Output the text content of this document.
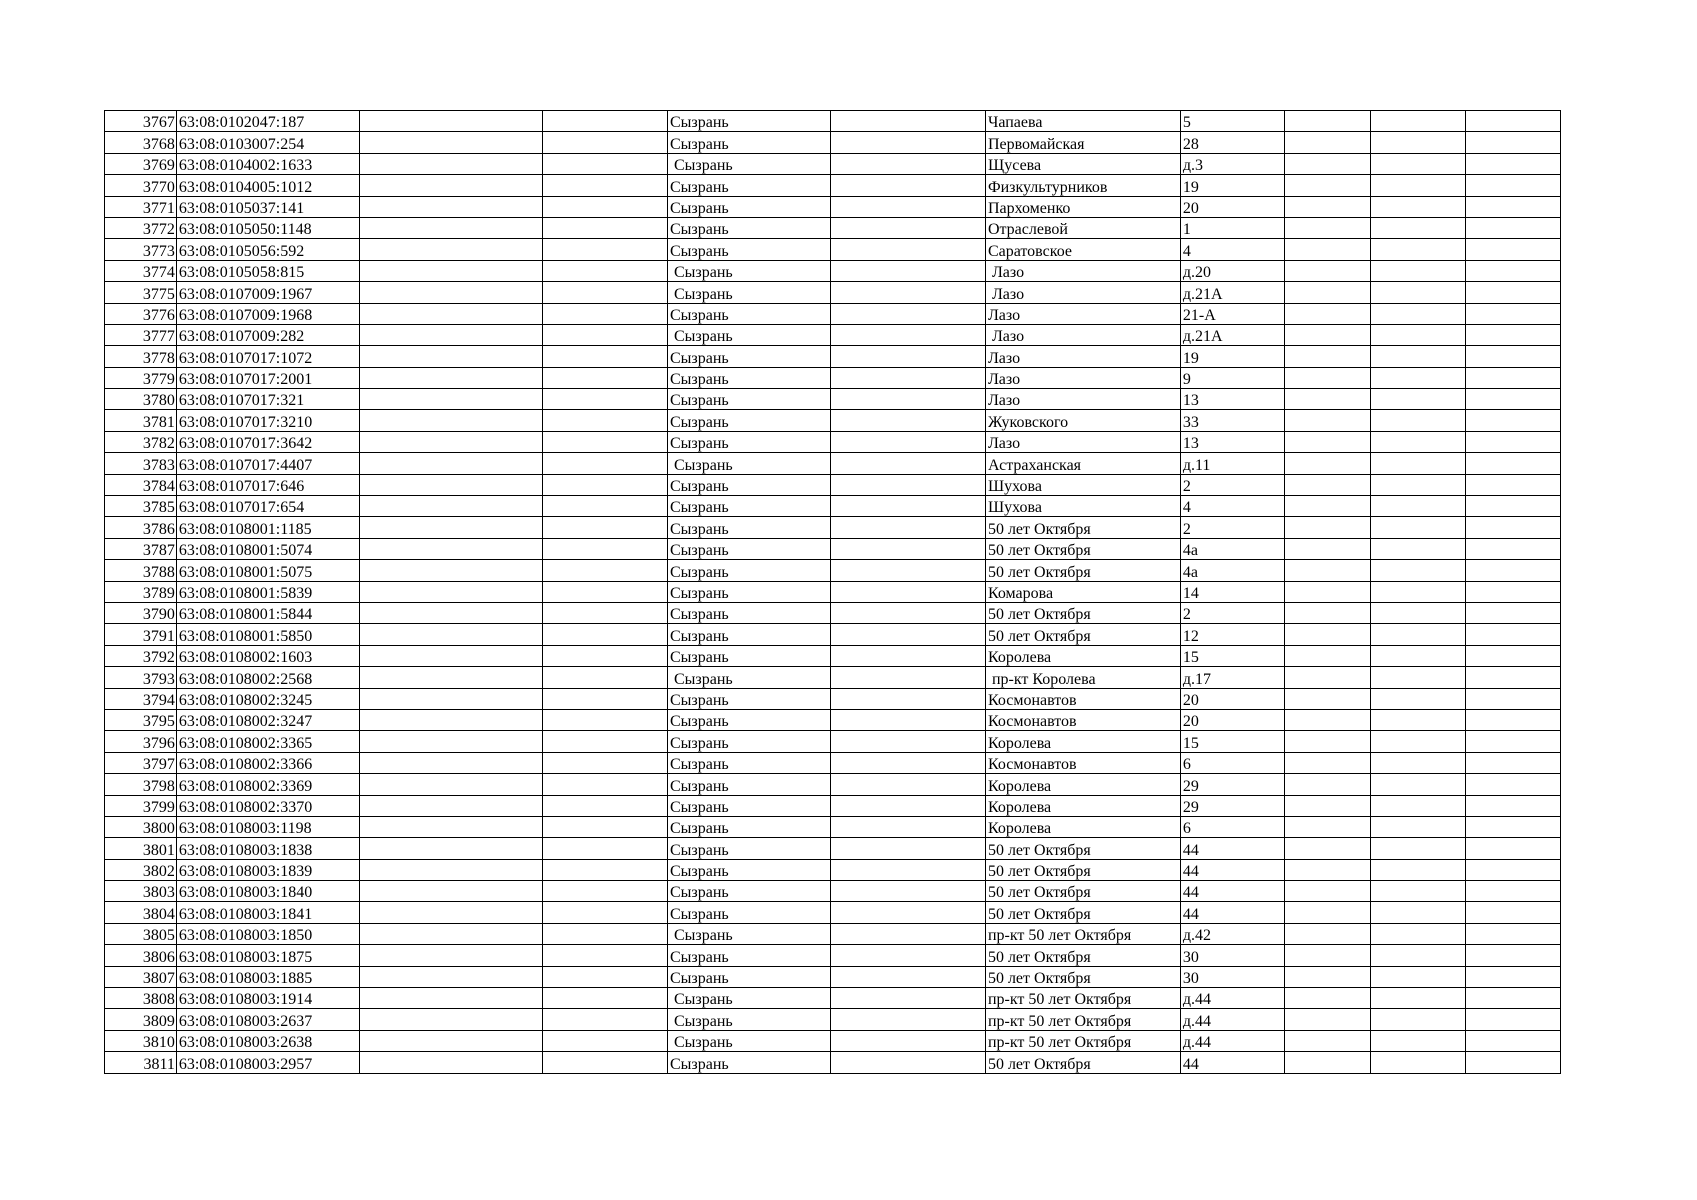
3767	63:08:0102047:187			Сызрань		Чапаева	5			
3768	63:08:0103007:254			Сызрань		Первомайская	28			
3769	63:08:0104002:1633			Сызрань		Щусева	д.3			
3770	63:08:0104005:1012			Сызрань		Физкультурников	19			
3771	63:08:0105037:141			Сызрань		Пархоменко	20			
3772	63:08:0105050:1148			Сызрань		Отраслевой	1			
3773	63:08:0105056:592			Сызрань		Саратовское	4			
3774	63:08:0105058:815			Сызрань		Лазо	д.20			
3775	63:08:0107009:1967			Сызрань		Лазо	д.21А			
3776	63:08:0107009:1968			Сызрань		Лазо	21-А			
3777	63:08:0107009:282			Сызрань		Лазо	д.21А			
3778	63:08:0107017:1072			Сызрань		Лазо	19			
3779	63:08:0107017:2001			Сызрань		Лазо	9			
3780	63:08:0107017:321			Сызрань		Лазо	13			
3781	63:08:0107017:3210			Сызрань		Жуковского	33			
3782	63:08:0107017:3642			Сызрань		Лазо	13			
3783	63:08:0107017:4407			Сызрань		Астраханская	д.11			
3784	63:08:0107017:646			Сызрань		Шухова	2			
3785	63:08:0107017:654			Сызрань		Шухова	4			
3786	63:08:0108001:1185			Сызрань		50 лет Октября	2			
3787	63:08:0108001:5074			Сызрань		50 лет Октября	4а			
3788	63:08:0108001:5075			Сызрань		50 лет Октября	4а			
3789	63:08:0108001:5839			Сызрань		Комарова	14			
3790	63:08:0108001:5844			Сызрань		50 лет Октября	2			
3791	63:08:0108001:5850			Сызрань		50 лет Октября	12			
3792	63:08:0108002:1603			Сызрань		Королева	15			
3793	63:08:0108002:2568			Сызрань		пр-кт Королева	д.17			
3794	63:08:0108002:3245			Сызрань		Космонавтов	20			
3795	63:08:0108002:3247			Сызрань		Космонавтов	20			
3796	63:08:0108002:3365			Сызрань		Королева	15			
3797	63:08:0108002:3366			Сызрань		Космонавтов	6			
3798	63:08:0108002:3369			Сызрань		Королева	29			
3799	63:08:0108002:3370			Сызрань		Королева	29			
3800	63:08:0108003:1198			Сызрань		Королева	6			
3801	63:08:0108003:1838			Сызрань		50 лет Октября	44			
3802	63:08:0108003:1839			Сызрань		50 лет Октября	44			
3803	63:08:0108003:1840			Сызрань		50 лет Октября	44			
3804	63:08:0108003:1841			Сызрань		50 лет Октября	44			
3805	63:08:0108003:1850			Сызрань		пр-кт 50 лет Октября	д.42			
3806	63:08:0108003:1875			Сызрань		50 лет Октября	30			
3807	63:08:0108003:1885			Сызрань		50 лет Октября	30			
3808	63:08:0108003:1914			Сызрань		пр-кт 50 лет Октября	д.44			
3809	63:08:0108003:2637			Сызрань		пр-кт 50 лет Октября	д.44			
3810	63:08:0108003:2638			Сызрань		пр-кт 50 лет Октября	д.44			
3811	63:08:0108003:2957			Сызрань		50 лет Октября	44			
